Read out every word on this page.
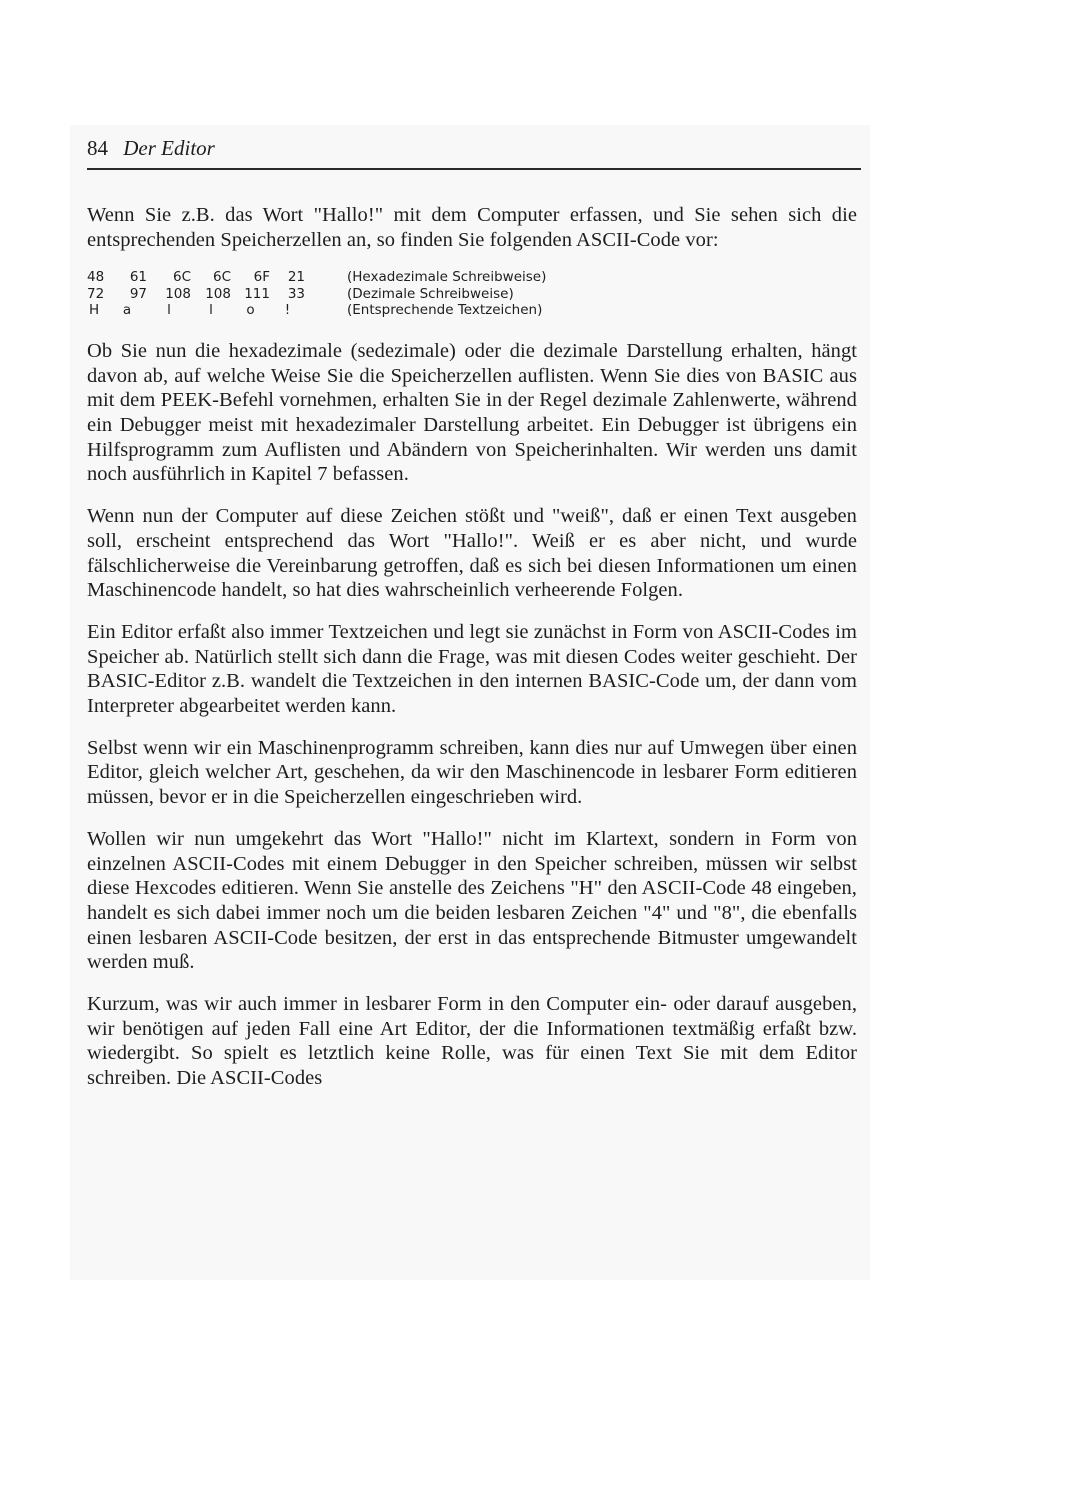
84 Der Editor

Wenn Sie z.B. das Wort "Hallo!" mit dem Computer erfassen, und Sie sehen sich die entsprechenden Speicherzellen an, so finden Sie folgenden ASCII-Code vor:

48	61	6C	6C	6F	21	(Hexadezimale Schreibweise)
72	97	108	108	111	33	(Dezimale Schreibweise)
H	a	l	l	o	!	(Entsprechende Textzeichen)

Ob Sie nun die hexadezimale (sedezimale) oder die dezimale Darstellung erhalten, hängt davon ab, auf welche Weise Sie die Speicherzellen auflisten. Wenn Sie dies von BASIC aus mit dem PEEK-Befehl vornehmen, erhalten Sie in der Regel dezimale Zahlenwerte, während ein Debugger meist mit hexadezimaler Darstellung arbeitet. Ein Debugger ist übrigens ein Hilfsprogramm zum Auflisten und Abändern von Speicherinhalten. Wir werden uns damit noch ausführlich in Kapitel 7 befassen.

Wenn nun der Computer auf diese Zeichen stößt und "weiß", daß er einen Text ausgeben soll, erscheint entsprechend das Wort "Hallo!". Weiß er es aber nicht, und wurde fälschlicherweise die Vereinbarung getroffen, daß es sich bei diesen Informationen um einen Maschinencode handelt, so hat dies wahrscheinlich verheerende Folgen.

Ein Editor erfaßt also immer Textzeichen und legt sie zunächst in Form von ASCII-Codes im Speicher ab. Natürlich stellt sich dann die Frage, was mit diesen Codes weiter geschieht. Der BASIC-Editor z.B. wandelt die Textzeichen in den internen BASIC-Code um, der dann vom Interpreter abgearbeitet werden kann.

Selbst wenn wir ein Maschinenprogramm schreiben, kann dies nur auf Umwegen über einen Editor, gleich welcher Art, geschehen, da wir den Maschinencode in lesbarer Form editieren müssen, bevor er in die Speicherzellen eingeschrieben wird.

Wollen wir nun umgekehrt das Wort "Hallo!" nicht im Klartext, sondern in Form von einzelnen ASCII-Codes mit einem Debugger in den Speicher schreiben, müssen wir selbst diese Hexcodes editieren. Wenn Sie anstelle des Zeichens "H" den ASCII-Code 48 eingeben, handelt es sich dabei immer noch um die beiden lesbaren Zeichen "4" und "8", die ebenfalls einen lesbaren ASCII-Code besitzen, der erst in das entsprechende Bitmuster umgewandelt werden muß.

Kurzum, was wir auch immer in lesbarer Form in den Computer ein- oder darauf ausgeben, wir benötigen auf jeden Fall eine Art Editor, der die Informationen textmäßig erfaßt bzw. wiedergibt. So spielt es letztlich keine Rolle, was für einen Text Sie mit dem Editor schreiben. Die ASCII-Codes
